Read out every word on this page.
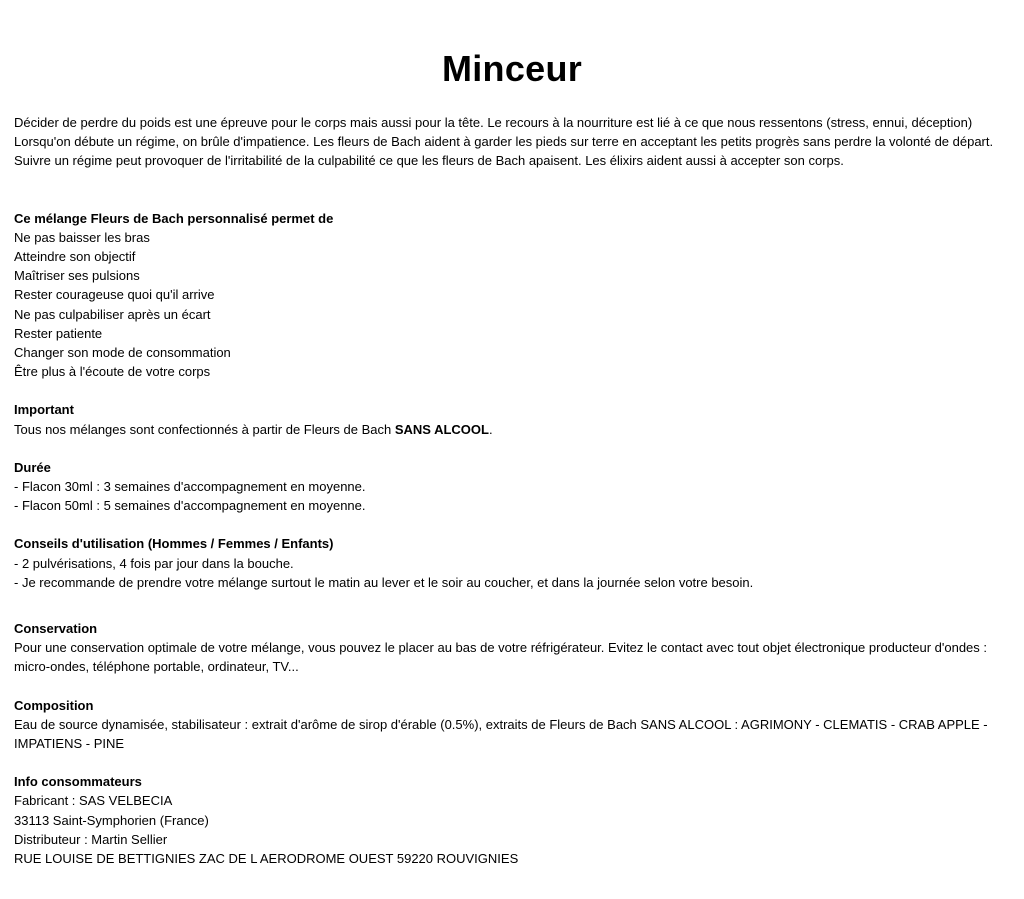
Minceur

Décider de perdre du poids est une épreuve pour le corps mais aussi pour la tête. Le recours à la nourriture est lié à ce que nous ressentons (stress, ennui, déception) Lorsqu'on débute un régime, on brûle d'impatience. Les fleurs de Bach aident à garder les pieds sur terre en acceptant les petits progrès sans perdre la volonté de départ. Suivre un régime peut provoquer de l'irritabilité de la culpabilité ce que les fleurs de Bach apaisent. Les élixirs aident aussi à accepter son corps.

Ce mélange Fleurs de Bach personnalisé permet de
Ne pas baisser les bras
Atteindre son objectif
Maîtriser ses pulsions
Rester courageuse quoi qu'il arrive
Ne pas culpabiliser après un écart
Rester patiente
Changer son mode de consommation
Être plus à l'écoute de votre corps
Important
Tous nos mélanges sont confectionnés à partir de Fleurs de Bach SANS ALCOOL.
Durée
- Flacon 30ml : 3 semaines d'accompagnement en moyenne.
- Flacon 50ml : 5 semaines d'accompagnement en moyenne.
Conseils d'utilisation (Hommes / Femmes / Enfants)
- 2 pulvérisations, 4 fois par jour dans la bouche.
- Je recommande de prendre votre mélange surtout le matin au lever et le soir au coucher, et dans la journée selon votre besoin.
Conservation

Pour une conservation optimale de votre mélange, vous pouvez le placer au bas de votre réfrigérateur. Evitez le contact avec tout objet électronique producteur d'ondes : micro-ondes, téléphone portable, ordinateur, TV...

Composition

Eau de source dynamisée, stabilisateur : extrait d'arôme de sirop d'érable (0.5%), extraits de Fleurs de Bach SANS ALCOOL : AGRIMONY - CLEMATIS - CRAB APPLE - IMPATIENS - PINE

Info consommateurs
Fabricant : SAS VELBECIA
33113 Saint-Symphorien (France)
Distributeur : Martin Sellier
RUE LOUISE DE BETTIGNIES ZAC DE L AERODROME OUEST 59220 ROUVIGNIES
